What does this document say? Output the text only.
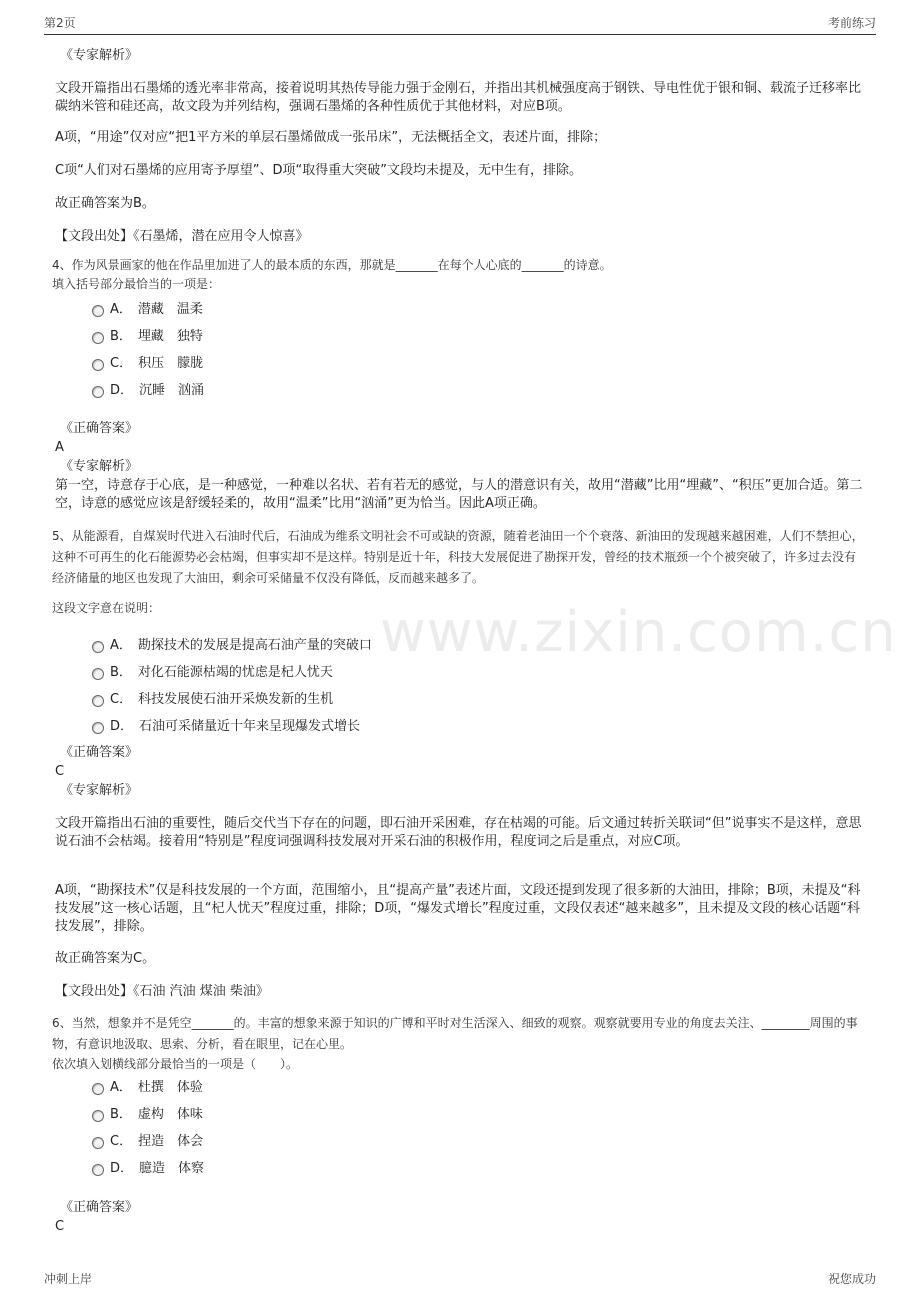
第2页	考前练习
www.zixin.com.cn
《专家解析》
文段开篇指出石墨烯的透光率非常高，接着说明其热传导能力强于金刚石，并指出其机械强度高于钢铁、导电性优于银和铜、载流子迁移率比碳纳米管和硅还高，故文段为并列结构，强调石墨烯的各种性质优于其他材料，对应B项。
A项，“用途”仅对应“把1平方米的单层石墨烯做成一张吊床”，无法概括全文，表述片面，排除；
C项“人们对石墨烯的应用寄予厚望”、D项“取得重大突破”文段均未提及，无中生有，排除。
故正确答案为B。
【文段出处】《石墨烯，潜在应用令人惊喜》
4、作为风景画家的他在作品里加进了人的最本质的东西，那就是_______在每个人心底的_______的诗意。
填入括号部分最恰当的一项是：
A． 潜藏　温柔
B． 埋藏　独特
C． 积压　朦胧
D． 沉睡　汹涌
《正确答案》
A
《专家解析》
第一空，诗意存于心底，是一种感觉，一种难以名状、若有若无的感觉，与人的潜意识有关，故用“潜藏”比用“埋藏”、“积压”更加合适。第二空，诗意的感觉应该是舒缓轻柔的，故用“温柔”比用“汹涌”更为恰当。因此A项正确。
5、从能源看，自煤炭时代进入石油时代后，石油成为维系文明社会不可或缺的资源，随着老油田一个个衰落、新油田的发现越来越困难，人们不禁担心，这种不可再生的化石能源势必会枯竭，但事实却不是这样。特别是近十年，科技大发展促进了勘探开发，曾经的技术瓶颈一个个被突破了，许多过去没有经济储量的地区也发现了大油田，剩余可采储量不仅没有降低，反而越来越多了。
这段文字意在说明：
A． 勘探技术的发展是提高石油产量的突破口
B． 对化石能源枯竭的忧虑是杞人忧天
C． 科技发展使石油开采焕发新的生机
D． 石油可采储量近十年来呈现爆发式增长
《正确答案》
C
《专家解析》
文段开篇指出石油的重要性，随后交代当下存在的问题，即石油开采困难，存在枯竭的可能。后文通过转折关联词“但”说事实不是这样，意思说石油不会枯竭。接着用“特别是”程度词强调科技发展对开采石油的积极作用，程度词之后是重点，对应C项。
A项，“勘探技术”仅是科技发展的一个方面，范围缩小，且“提高产量”表述片面，文段还提到发现了很多新的大油田，排除；B项，未提及“科技发展”这一核心话题，且“杞人忧天”程度过重，排除；D项，“爆发式增长”程度过重，文段仅表述“越来越多”，且未提及文段的核心话题“科技发展”，排除。
故正确答案为C。
【文段出处】《石油 汽油 煤油 柴油》
6、当然，想象并不是凭空_______的。丰富的想象来源于知识的广博和平时对生活深入、细致的观察。观察就要用专业的角度去关注、________周围的事物，有意识地汲取、思索、分析，看在眼里，记在心里。
依次填入划横线部分最恰当的一项是（　　）。
A． 杜撰　体验
B． 虚构　体味
C． 捏造　体会
D． 臆造　体察
《正确答案》
C
冲刺上岸	祝您成功
